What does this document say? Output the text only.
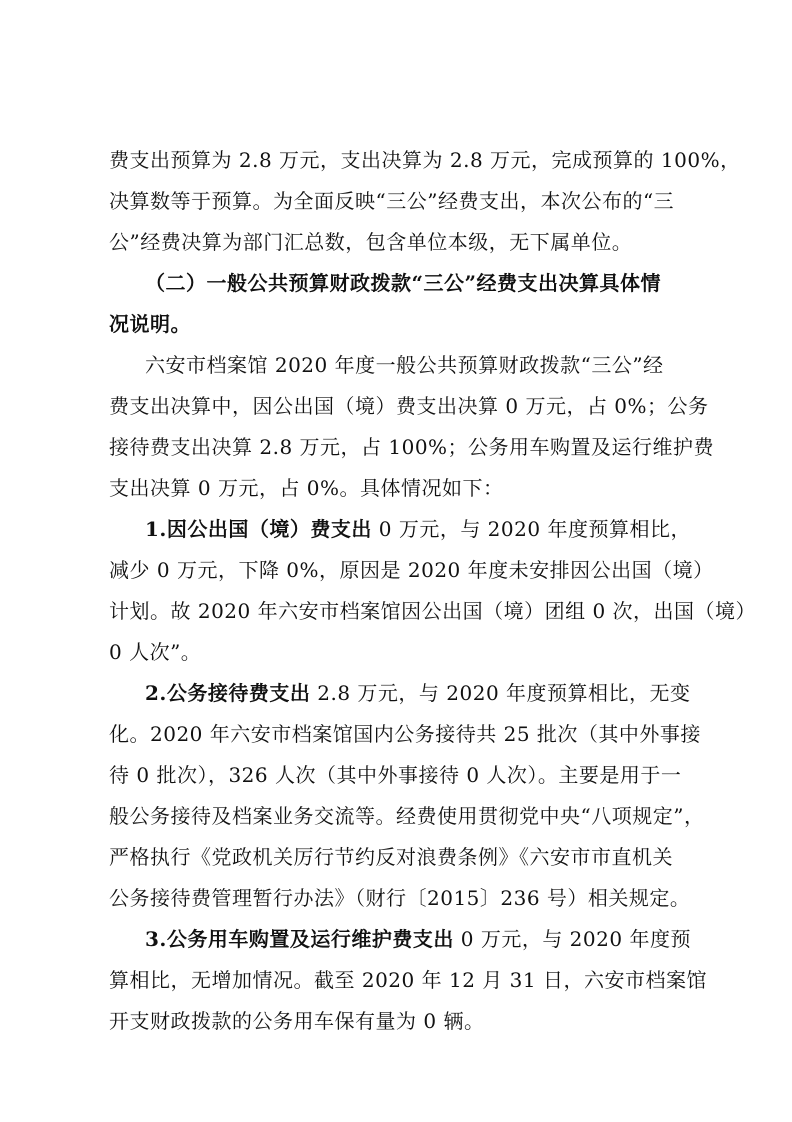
费支出预算为 2.8 万元，支出决算为 2.8 万元，完成预算的 100%，
决算数等于预算。为全面反映“三公”经费支出，本次公布的“三
公”经费决算为部门汇总数，包含单位本级，无下属单位。
（二）一般公共预算财政拨款“三公”经费支出决算具体情
况说明。
六安市档案馆 2020 年度一般公共预算财政拨款“三公”经
费支出决算中，因公出国（境）费支出决算 0 万元，占 0%；公务
接待费支出决算 2.8 万元，占 100%；公务用车购置及运行维护费
支出决算 0 万元，占 0%。具体情况如下：
1.因公出国（境）费支出 0 万元，与 2020 年度预算相比，
减少 0 万元，下降 0%，原因是 2020 年度未安排因公出国（境）
计划。故 2020 年六安市档案馆因公出国（境）团组 0 次，出国（境）
0 人次”。
2.公务接待费支出 2.8 万元，与 2020 年度预算相比，无变
化。2020 年六安市档案馆国内公务接待共 25 批次（其中外事接
待 0 批次），326 人次（其中外事接待 0 人次）。主要是用于一
般公务接待及档案业务交流等。经费使用贯彻党中央“八项规定”，
严格执行《党政机关厉行节约反对浪费条例》《六安市市直机关
公务接待费管理暂行办法》（财行〔2015〕236 号）相关规定。
3.公务用车购置及运行维护费支出 0 万元，与 2020 年度预
算相比，无增加情况。截至 2020 年 12 月 31 日，六安市档案馆
开支财政拨款的公务用车保有量为 0 辆。
